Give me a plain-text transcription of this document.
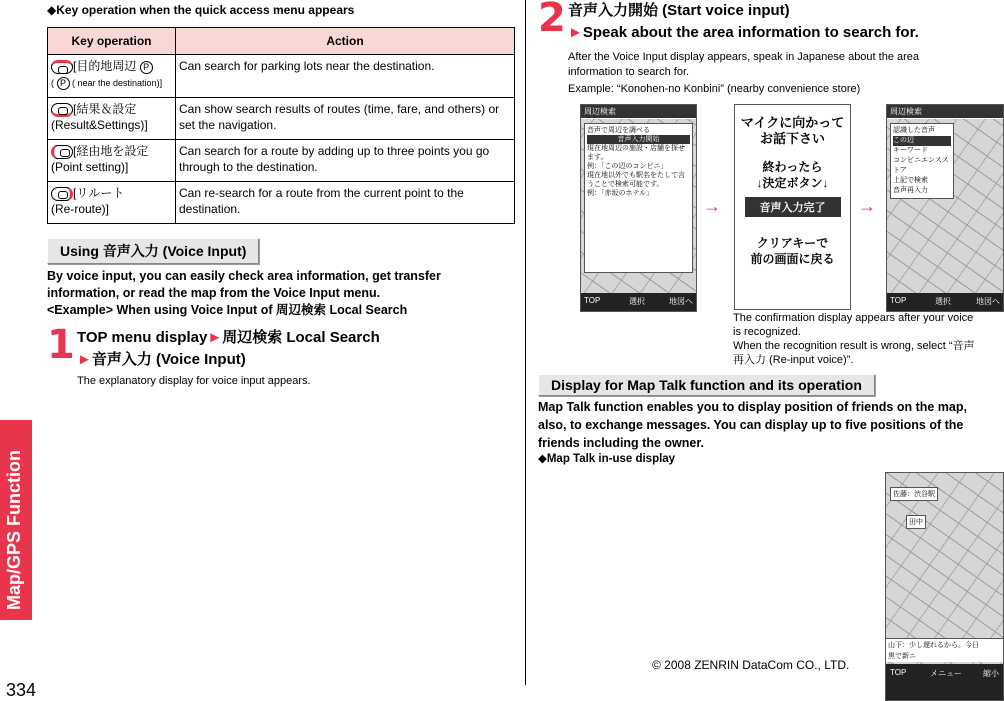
Map/GPS Function
334
◆Key operation when the quick access menu appears
Key operation	Action
[目的地周辺 P
( P ( near the destination)]	Can search for parking lots near the destination.
[結果＆設定
(Result&Settings)]	Can show search results of routes (time, fare, and others) or set the navigation.
[経由地を設定
(Point setting)]	Can search for a route by adding up to three points you go through to the destination.
[リルート
(Re-route)]	Can re-search for a route from the current point to the destination.
Using 音声入力 (Voice Input)
By voice input, you can easily check area information, get transfer
information, or read the map from the Voice Input menu.
<Example> When using Voice Input of 周辺検索 Local Search
1 TOP menu display►周辺検索 Local Search
►音声入力 (Voice Input)
The explanatory display for voice input appears.
2 音声入力開始 (Start voice input)
►Speak about the area information to search for.
After the Voice Input display appears, speak in Japanese about the area
information to search for.
Example: “Konohen-no Konbini” (nearby convenience store)
周辺検索
音声で周辺を調べる
音声入力開始
現在地周辺の施設・店舗を探せます。
例：「この辺のコンビニ」
現在地以外でも駅名をたして言うことで検索可能です。
例：「赤坂のホテル」
TOP	選択	地図へ
→
マイクに向かって
お話下さい
終わったら
↓決定ボタン↓
音声入力完了
クリアキーで
前の画面に戻る
→
周辺検索
認識した音声
この辺
キーワード
コンビニエンスストア
上記で検索
音声再入力
TOP	選択	地図へ
The confirmation display appears after your voice
is recognized.
When the recognition result is wrong, select “音声
再入力 (Re-input voice)”.
Display for Map Talk function and its operation
Map Talk function enables you to display position of friends on the map,
also, to exchange messages. You can display up to five positions of the
friends including the owner.
◆Map Talk in-use display
佐藤：渋谷駅
田中
山下：少し遅れるから。今日
黒で新ニ
TOP	メニュー	縮小
© 2008 ZENRIN DataCom CO., LTD.
